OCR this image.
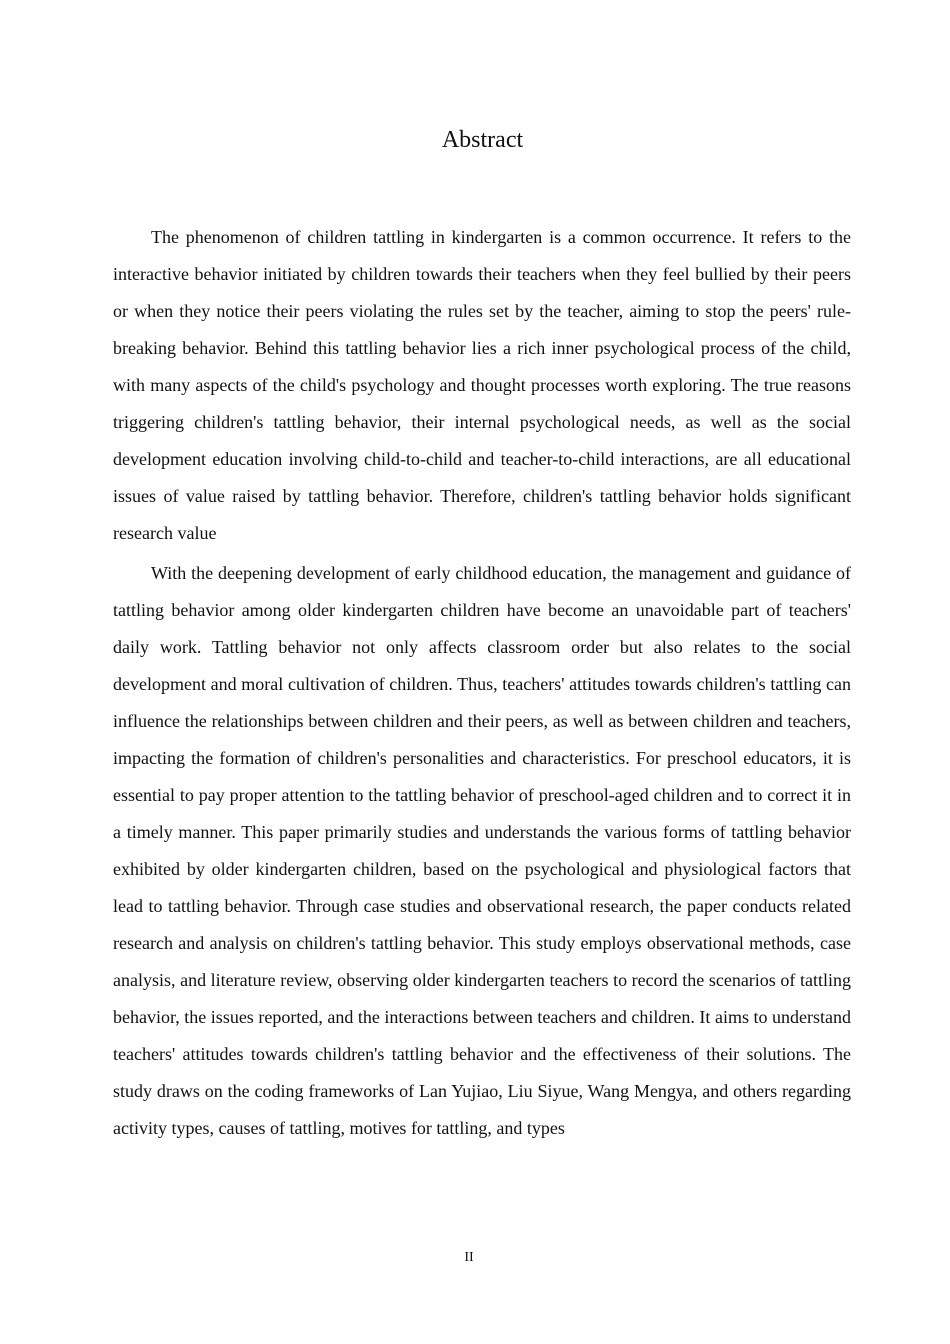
Abstract

The phenomenon of children tattling in kindergarten is a common occurrence. It refers to the interactive behavior initiated by children towards their teachers when they feel bullied by their peers or when they notice their peers violating the rules set by the teacher, aiming to stop the peers' rule-breaking behavior. Behind this tattling behavior lies a rich inner psychological process of the child, with many aspects of the child's psychology and thought processes worth exploring. The true reasons triggering children's tattling behavior, their internal psychological needs, as well as the social development education involving child-to-child and teacher-to-child interactions, are all educational issues of value raised by tattling behavior. Therefore, children's tattling behavior holds significant research value

With the deepening development of early childhood education, the management and guidance of tattling behavior among older kindergarten children have become an unavoidable part of teachers' daily work. Tattling behavior not only affects classroom order but also relates to the social development and moral cultivation of children. Thus, teachers' attitudes towards children's tattling can influence the relationships between children and their peers, as well as between children and teachers, impacting the formation of children's personalities and characteristics. For preschool educators, it is essential to pay proper attention to the tattling behavior of preschool-aged children and to correct it in a timely manner. This paper primarily studies and understands the various forms of tattling behavior exhibited by older kindergarten children, based on the psychological and physiological factors that lead to tattling behavior. Through case studies and observational research, the paper conducts related research and analysis on children's tattling behavior. This study employs observational methods, case analysis, and literature review, observing older kindergarten teachers to record the scenarios of tattling behavior, the issues reported, and the interactions between teachers and children. It aims to understand teachers' attitudes towards children's tattling behavior and the effectiveness of their solutions. The study draws on the coding frameworks of Lan Yujiao, Liu Siyue, Wang Mengya, and others regarding activity types, causes of tattling, motives for tattling, and types

II
